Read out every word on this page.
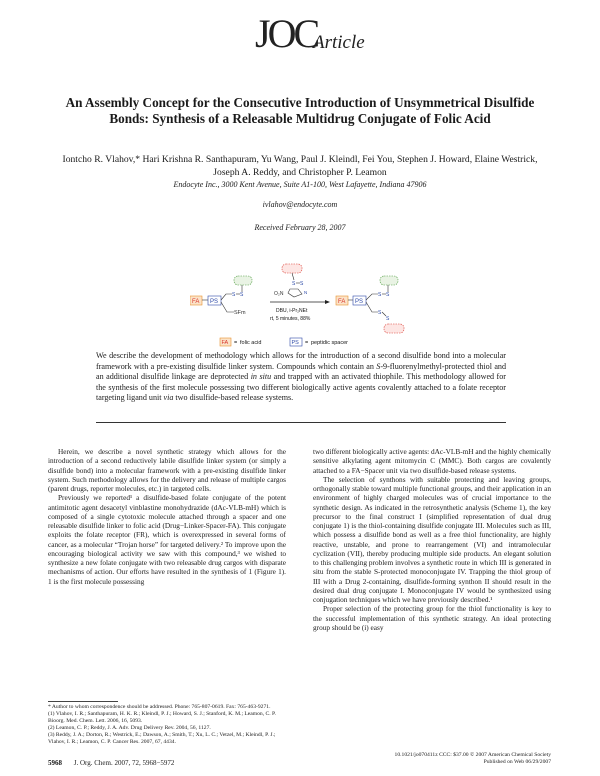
JOC
Article
An Assembly Concept for the Consecutive Introduction of Unsymmetrical Disulfide Bonds: Synthesis of a Releasable Multidrug Conjugate of Folic Acid
Iontcho R. Vlahov,* Hari Krishna R. Santhapuram, Yu Wang, Paul J. Kleindl, Fei You, Stephen J. Howard, Elaine Westrick, Joseph A. Reddy, and Christopher P. Leamon
Endocyte Inc., 3000 Kent Avenue, Suite A1-100, West Lafayette, Indiana 47906
ivlahov@endocyte.com
Received February 28, 2007
FA PS
S S
SFm
S S
O₂N	N
DBU, i-Pr₂NEt
rt, 5 minutes, 88%
FA PS
S S
S
S
FA = folic acid	PS = peptidic spacer
We describe the development of methodology which allows for the introduction of a second disulfide bond into a molecular framework with a pre-existing disulfide linker system. Compounds which contain an S-9-fluorenylmethyl-protected thiol and an additional disulfide linkage are deprotected in situ and trapped with an activated thiophile. This methodology allowed for the synthesis of the first molecule possessing two different biologically active agents covalently attached to a folate receptor targeting ligand unit via two disulfide-based release systems.

Herein, we describe a novel synthetic strategy which allows for the introduction of a second reductively labile disulfide linker system (or simply a disulfide bond) into a molecular framework with a pre-existing disulfide linker system. Such methodology allows for the delivery and release of multiple cargos (parent drugs, reporter molecules, etc.) in targeted cells.

Previously we reported¹ a disulfide-based folate conjugate of the potent antimitotic agent desacetyl vinblastine monohydrazide (dAc-VLB-mH) which is composed of a single cytotoxic molecule attached through a spacer and one releasable disulfide linker to folic acid (Drug−Linker-Spacer-FA). This conjugate exploits the folate receptor (FR), which is overexpressed in several forms of cancer, as a molecular “Trojan horse” for targeted delivery.² To improve upon the encouraging biological activity we saw with this compound,³ we wished to synthesize a new folate conjugate with two releasable drug cargos with disparate mechanisms of action. Our efforts have resulted in the synthesis of 1 (Figure 1). 1 is the first molecule possessing

two different biologically active agents: dAc-VLB-mH and the highly chemically sensitive alkylating agent mitomycin C (MMC). Both cargos are covalently attached to a FA−Spacer unit via two disulfide-based release systems.

The selection of synthons with suitable protecting and leaving groups, orthogonally stable toward multiple functional groups, and their application in an environment of highly charged molecules was of crucial importance to the synthetic design. As indicated in the retrosynthetic analysis (Scheme 1), the key precursor to the final construct I (simplified representation of dual drug conjugate 1) is the thiol-containing disulfide conjugate III. Molecules such as III, which possess a disulfide bond as well as a free thiol functionality, are highly reactive, unstable, and prone to rearrangement (VI) and intramolecular cyclization (VII), thereby producing multiple side products. An elegant solution to this challenging problem involves a synthetic route in which III is generated in situ from the stable S-protected monoconjugate IV. Trapping the thiol group of III with a Drug 2-containing, disulfide-forming synthon II should result in the desired dual drug conjugate I. Monoconjugate IV would be synthesized using conjugation techniques which we have previously described.¹

Proper selection of the protecting group for the thiol functionality is key to the successful implementation of this synthetic strategy. An ideal protecting group should be (i) easy

* Author to whom correspondence should be addressed. Phone: 765-807-0619. Fax: 765-463-9271.
(1) Vlahov, I. R.; Santhapuram, H. K. R.; Kleindl, P. J.; Howard, S. J.; Stanford, K. M.; Leamon, C. P. Bioorg. Med. Chem. Lett. 2006, 16, 5093.
(2) Leamon, C. P.; Reddy, J. A. Adv. Drug Delivery Rev. 2004, 56, 1127.
(3) Reddy, J. A.; Dorton, R.; Westrick, E.; Dawson, A.; Smith, T.; Xu, L. C.; Vetzel, M.; Kleindl, P. J.; Vlahov, I. R.; Leamon, C. P. Cancer Res. 2007, 67, 4434.
5968 J. Org. Chem. 2007, 72, 5968−5972
10.1021/jo070411z CCC: $37.00 © 2007 American Chemical Society
Published on Web 06/29/2007
